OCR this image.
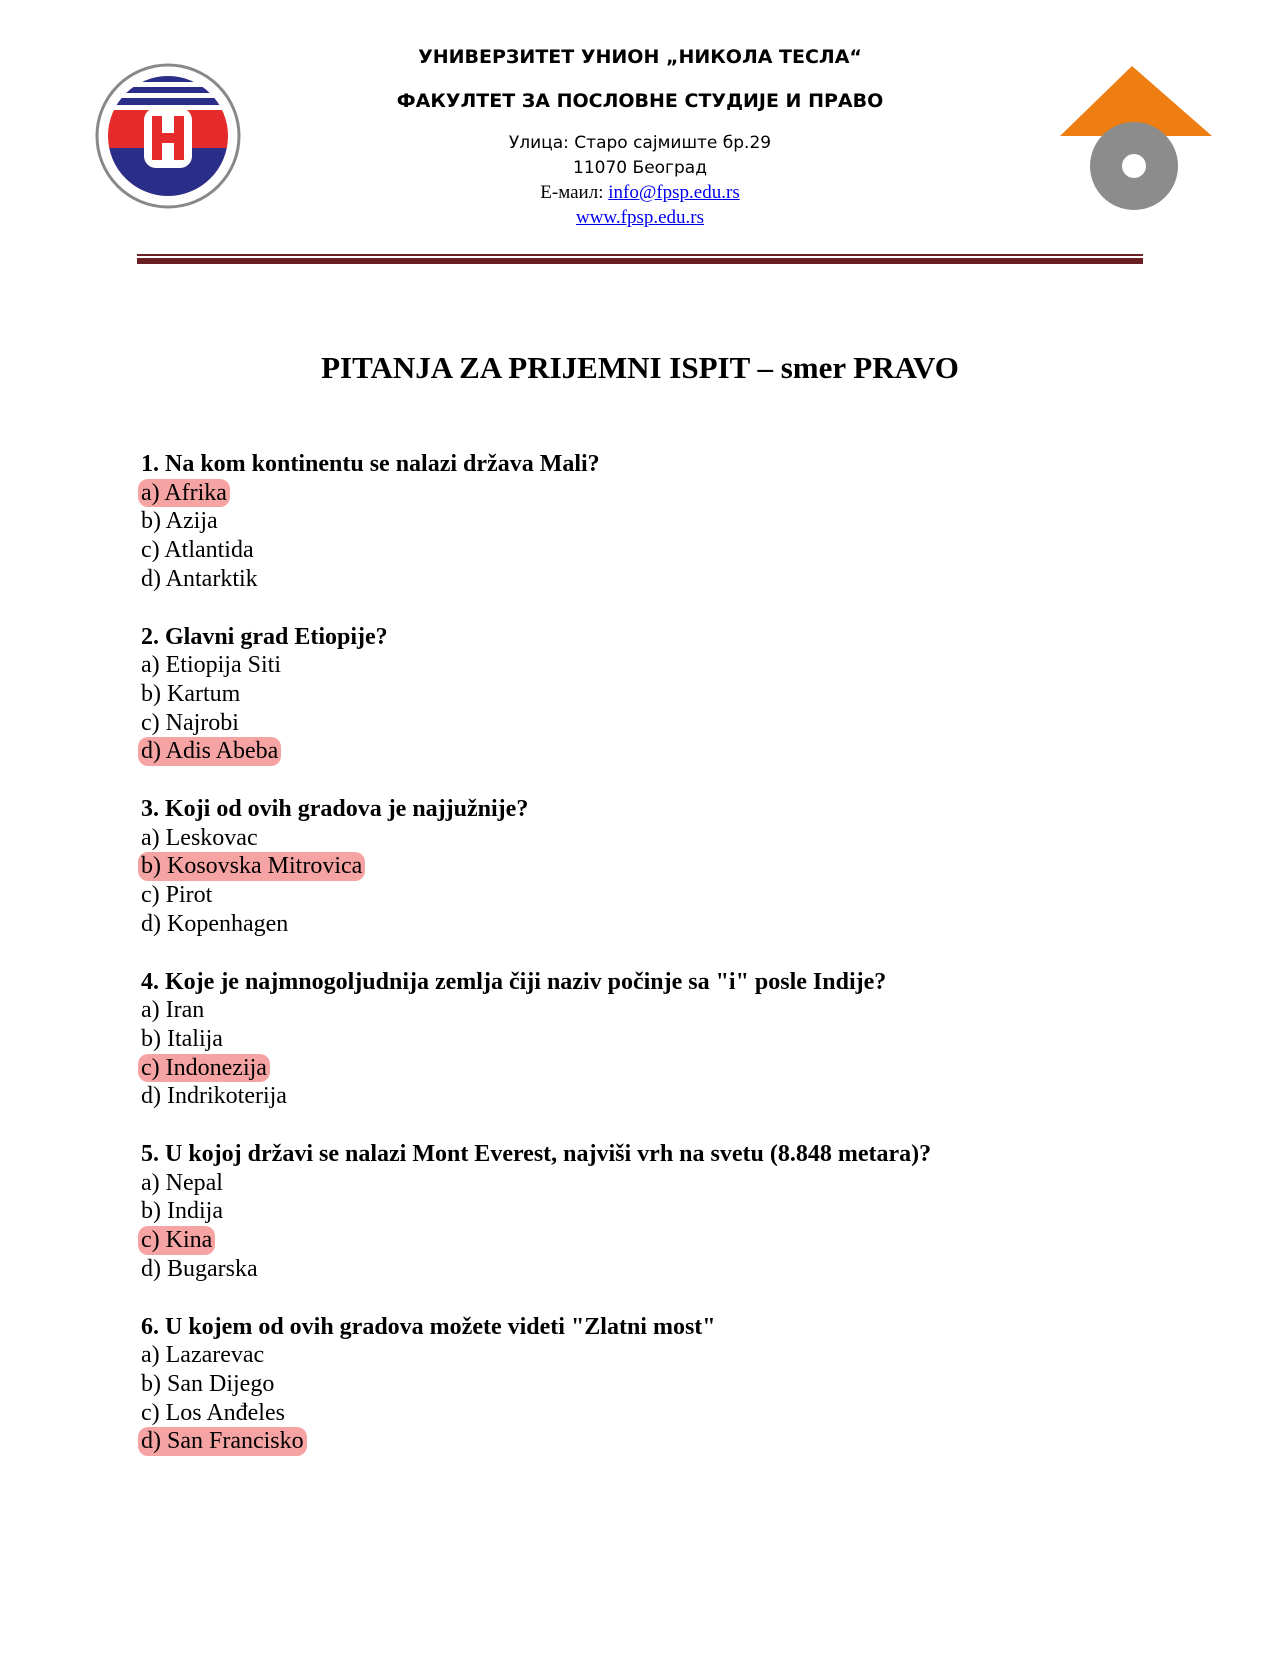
УНИВЕРЗИТЕТ УНИОН „НИКОЛА ТЕСЛА“
ФАКУЛТЕТ ЗА ПОСЛОВНЕ СТУДИЈЕ И ПРАВО
Улица: Старо сајмиште бр.29
11070 Београд
Е-маил: info@fpsp.edu.rs
www.fpsp.edu.rs
PITANJA ZA PRIJEMNI ISPIT – smer PRAVO
1. Na kom kontinentu se nalazi država Mali?
a) Afrika
b) Azija
c) Atlantida
d) Antarktik
2. Glavni grad Etiopije?
a) Etiopija Siti
b) Kartum
c) Najrobi
d) Adis Abeba
3. Koji od ovih gradova je najjužnije?
a) Leskovac
b) Kosovska Mitrovica
c) Pirot
d) Kopenhagen
4. Koje je najmnogoljudnija zemlja čiji naziv počinje sa "i" posle Indije?
a) Iran
b) Italija
c) Indonezija
d) Indrikoterija
5. U kojoj državi se nalazi Mont Everest, najviši vrh na svetu (8.848 metara)?
a) Nepal
b) Indija
c) Kina
d) Bugarska
6. U kojem od ovih gradova možete videti "Zlatni most"
a) Lazarevac
b) San Dijego
c) Los Anđeles
d) San Francisko
